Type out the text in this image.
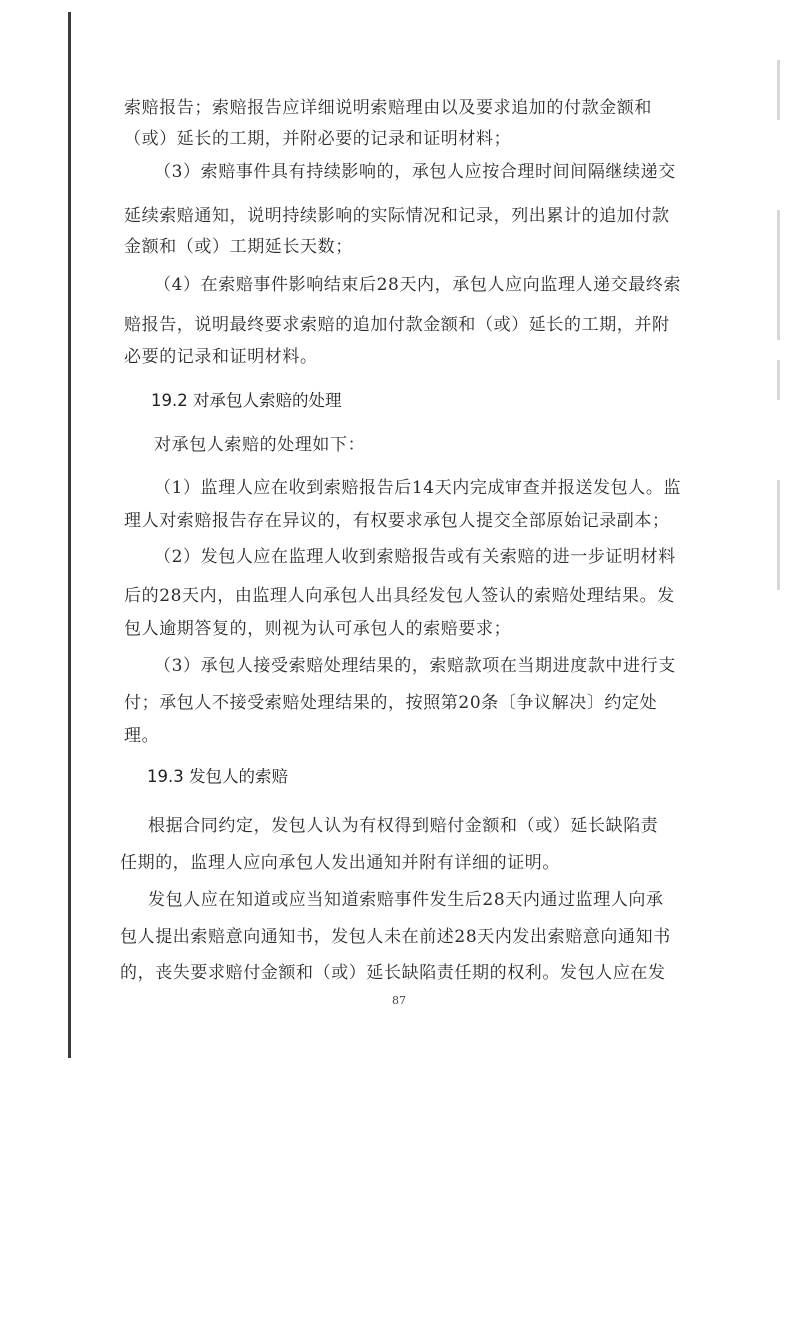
索赔报告；索赔报告应详细说明索赔理由以及要求追加的付款金额和
（或）延长的工期，并附必要的记录和证明材料；
（3）索赔事件具有持续影响的，承包人应按合理时间间隔继续递交
延续索赔通知，说明持续影响的实际情况和记录，列出累计的追加付款
金额和（或）工期延长天数；
（4）在索赔事件影响结束后28天内，承包人应向监理人递交最终索
赔报告，说明最终要求索赔的追加付款金额和（或）延长的工期，并附
必要的记录和证明材料。
19.2 对承包人索赔的处理
对承包人索赔的处理如下：
（1）监理人应在收到索赔报告后14天内完成审查并报送发包人。监
理人对索赔报告存在异议的，有权要求承包人提交全部原始记录副本；
（2）发包人应在监理人收到索赔报告或有关索赔的进一步证明材料
后的28天内，由监理人向承包人出具经发包人签认的索赔处理结果。发
包人逾期答复的，则视为认可承包人的索赔要求；
（3）承包人接受索赔处理结果的，索赔款项在当期进度款中进行支
付；承包人不接受索赔处理结果的，按照第20条〔争议解决〕约定处
理。
19.3 发包人的索赔
根据合同约定，发包人认为有权得到赔付金额和（或）延长缺陷责
任期的，监理人应向承包人发出通知并附有详细的证明。
发包人应在知道或应当知道索赔事件发生后28天内通过监理人向承
包人提出索赔意向通知书，发包人未在前述28天内发出索赔意向通知书
的，丧失要求赔付金额和（或）延长缺陷责任期的权利。发包人应在发
87
